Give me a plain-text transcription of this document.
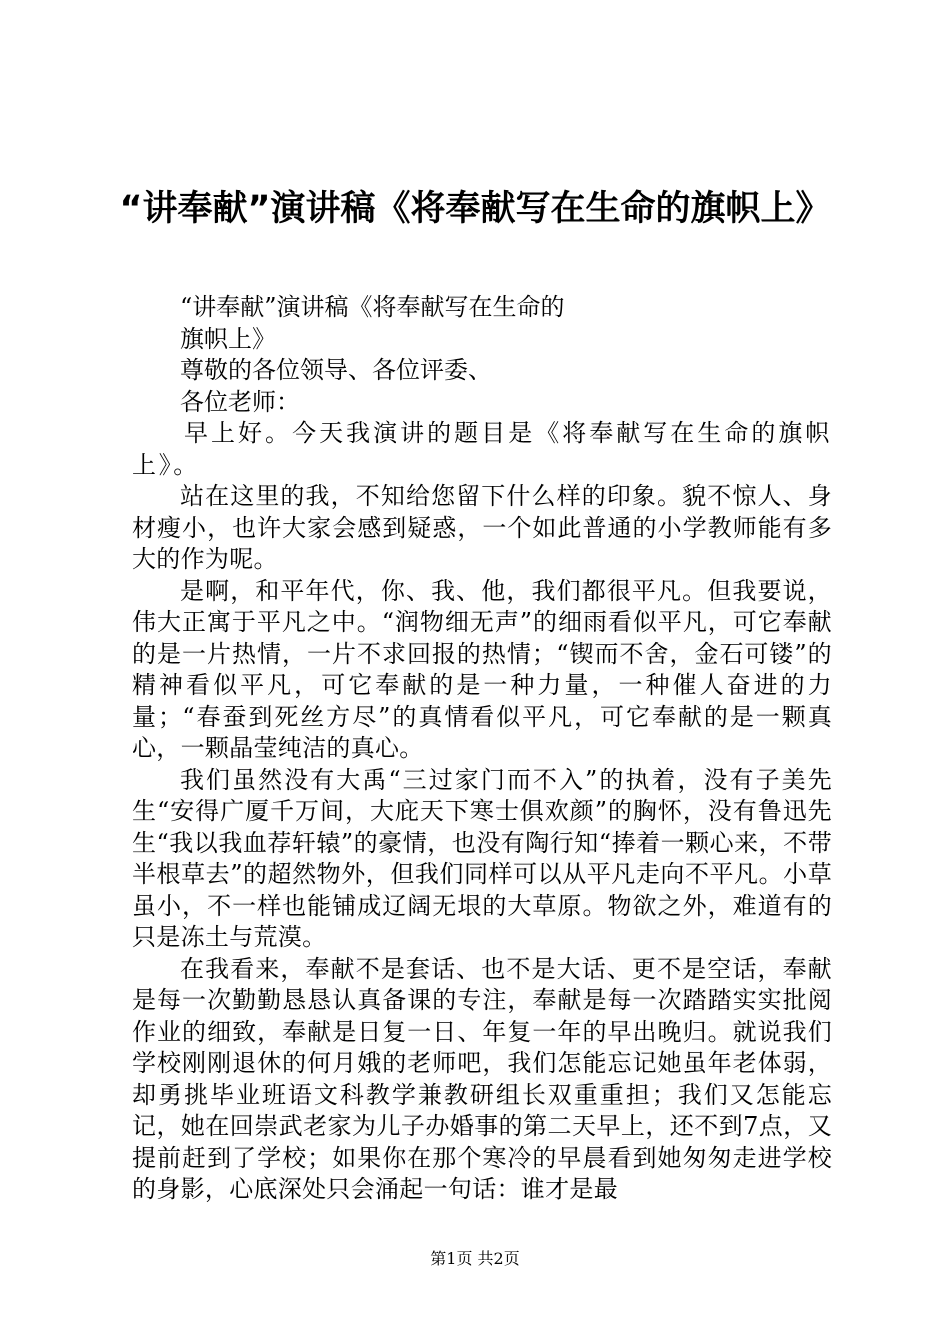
“讲奉献”演讲稿《将奉献写在生命的旗帜上》

“讲奉献”演讲稿《将奉献写在生命的

旗帜上》

尊敬的各位领导、各位评委、

各位老师：

早上好。今天我演讲的题目是《将奉献写在生命的旗帜上》。

站在这里的我，不知给您留下什么样的印象。貌不惊人、身材瘦小，也许大家会感到疑惑，一个如此普通的小学教师能有多大的作为呢。

是啊，和平年代，你、我、他，我们都很平凡。但我要说，伟大正寓于平凡之中。“润物细无声”的细雨看似平凡，可它奉献的是一片热情，一片不求回报的热情；“锲而不舍，金石可镂”的精神看似平凡，可它奉献的是一种力量，一种催人奋进的力量；“春蚕到死丝方尽”的真情看似平凡，可它奉献的是一颗真心，一颗晶莹纯洁的真心。

我们虽然没有大禹“三过家门而不入”的执着，没有子美先生“安得广厦千万间，大庇天下寒士俱欢颜”的胸怀，没有鲁迅先生“我以我血荐轩辕”的豪情，也没有陶行知“捧着一颗心来，不带半根草去”的超然物外，但我们同样可以从平凡走向不平凡。小草虽小，不一样也能铺成辽阔无垠的大草原。物欲之外，难道有的只是冻土与荒漠。

在我看来，奉献不是套话、也不是大话、更不是空话，奉献是每一次勤勤恳恳认真备课的专注，奉献是每一次踏踏实实批阅作业的细致，奉献是日复一日、年复一年的早出晚归。就说我们学校刚刚退休的何月娥的老师吧，我们怎能忘记她虽年老体弱，却勇挑毕业班语文科教学兼教研组长双重重担；我们又怎能忘记，她在回崇武老家为儿子办婚事的第二天早上，还不到7点，又提前赶到了学校；如果你在那个寒冷的早晨看到她匆匆走进学校的身影，心底深处只会涌起一句话：谁才是最

第1页 共2页
